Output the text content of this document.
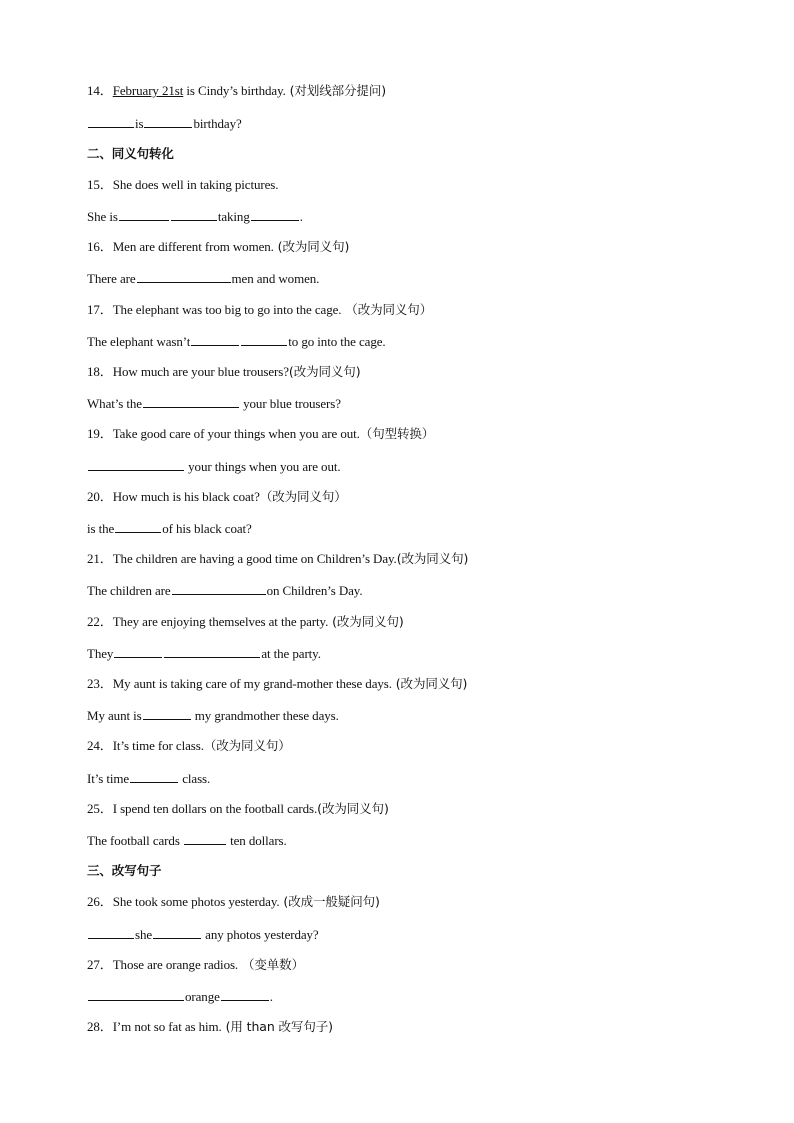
14．February 21st is Cindy’s birthday. (对划线部分提问)
is	birthday?
二、同义句转化
15．She does well in taking pictures.
She is	taking	.
16．Men are different from women. (改为同义句)
There are	men and women.
17．The elephant was too big to go into the cage. （改为同义句）
The elephant wasn’t	to go into the cage.
18．How much are your blue trousers?(改为同义句)
What’s the	your blue trousers?
19．Take good care of your things when you are out.（句型转换）
your things when you are out.
20．How much is his black coat?（改为同义句）
is the	of his black coat?
21．The children are having a good time on Children’s Day.(改为同义句)
The children are	on Children’s Day.
22．They are enjoying themselves at the party. (改为同义句)
They	at the party.
23．My aunt is taking care of my grand-mother these days. (改为同义句)
My aunt is	my grandmother these days.
24．It’s time for class.（改为同义句）
It’s time	class.
25．I spend ten dollars on the football cards.(改为同义句)
The football cards	ten dollars.
三、改写句子
26．She took some photos yesterday. (改成一般疑问句)
she	any photos yesterday?
27．Those are orange radios. （变单数）
orange	.
28．I’m not so fat as him. (用 than 改写句子)
